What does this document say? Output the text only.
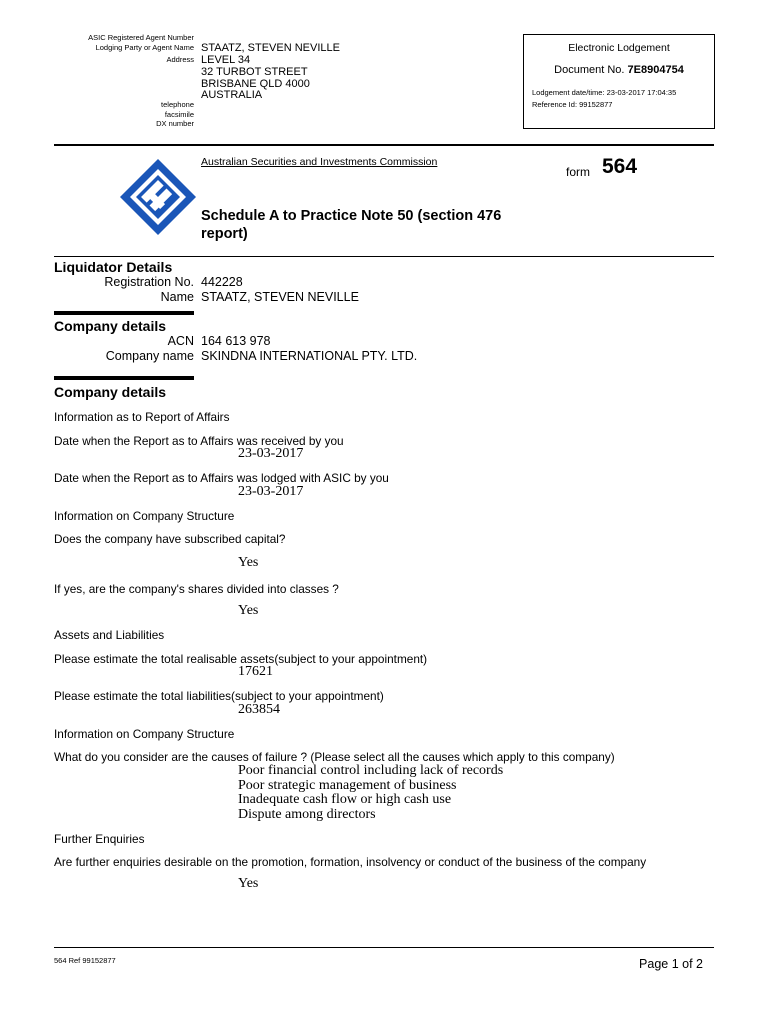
ASIC Registered Agent Number
Lodging Party or Agent Name
Address
telephone
facsimile
DX number
STAATZ, STEVEN NEVILLE
LEVEL 34
32 TURBOT STREET
BRISBANE QLD 4000
AUSTRALIA
Electronic Lodgement
Document No. 7E8904754
Lodgement date/time: 23-03-2017 17:04:35
Reference Id: 99152877
Australian Securities and Investments Commission
form 564
Schedule A to Practice Note 50 (section 476
report)
Liquidator Details
Registration No. 442228
Name STAATZ, STEVEN NEVILLE
Company details
ACN 164 613 978
Company name SKINDNA INTERNATIONAL PTY. LTD.
Company details
Information as to Report of Affairs
Date when the Report as to Affairs was received by you
23-03-2017
Date when the Report as to Affairs was lodged with ASIC by you
23-03-2017
Information on Company Structure
Does the company have subscribed capital?
Yes
If yes, are the company's shares divided into classes ?
Yes
Assets and Liabilities
Please estimate the total realisable assets(subject to your appointment)
17621
Please estimate the total liabilities(subject to your appointment)
263854
Information on Company Structure
What do you consider are the causes of failure ? (Please select all the causes which apply to this company)
Poor financial control including lack of records
Poor strategic management of business
Inadequate cash flow or high cash use
Dispute among directors
Further Enquiries
Are further enquiries desirable on the promotion, formation, insolvency or conduct of the business of the company
Yes
564 Ref 99152877	Page 1 of 2
